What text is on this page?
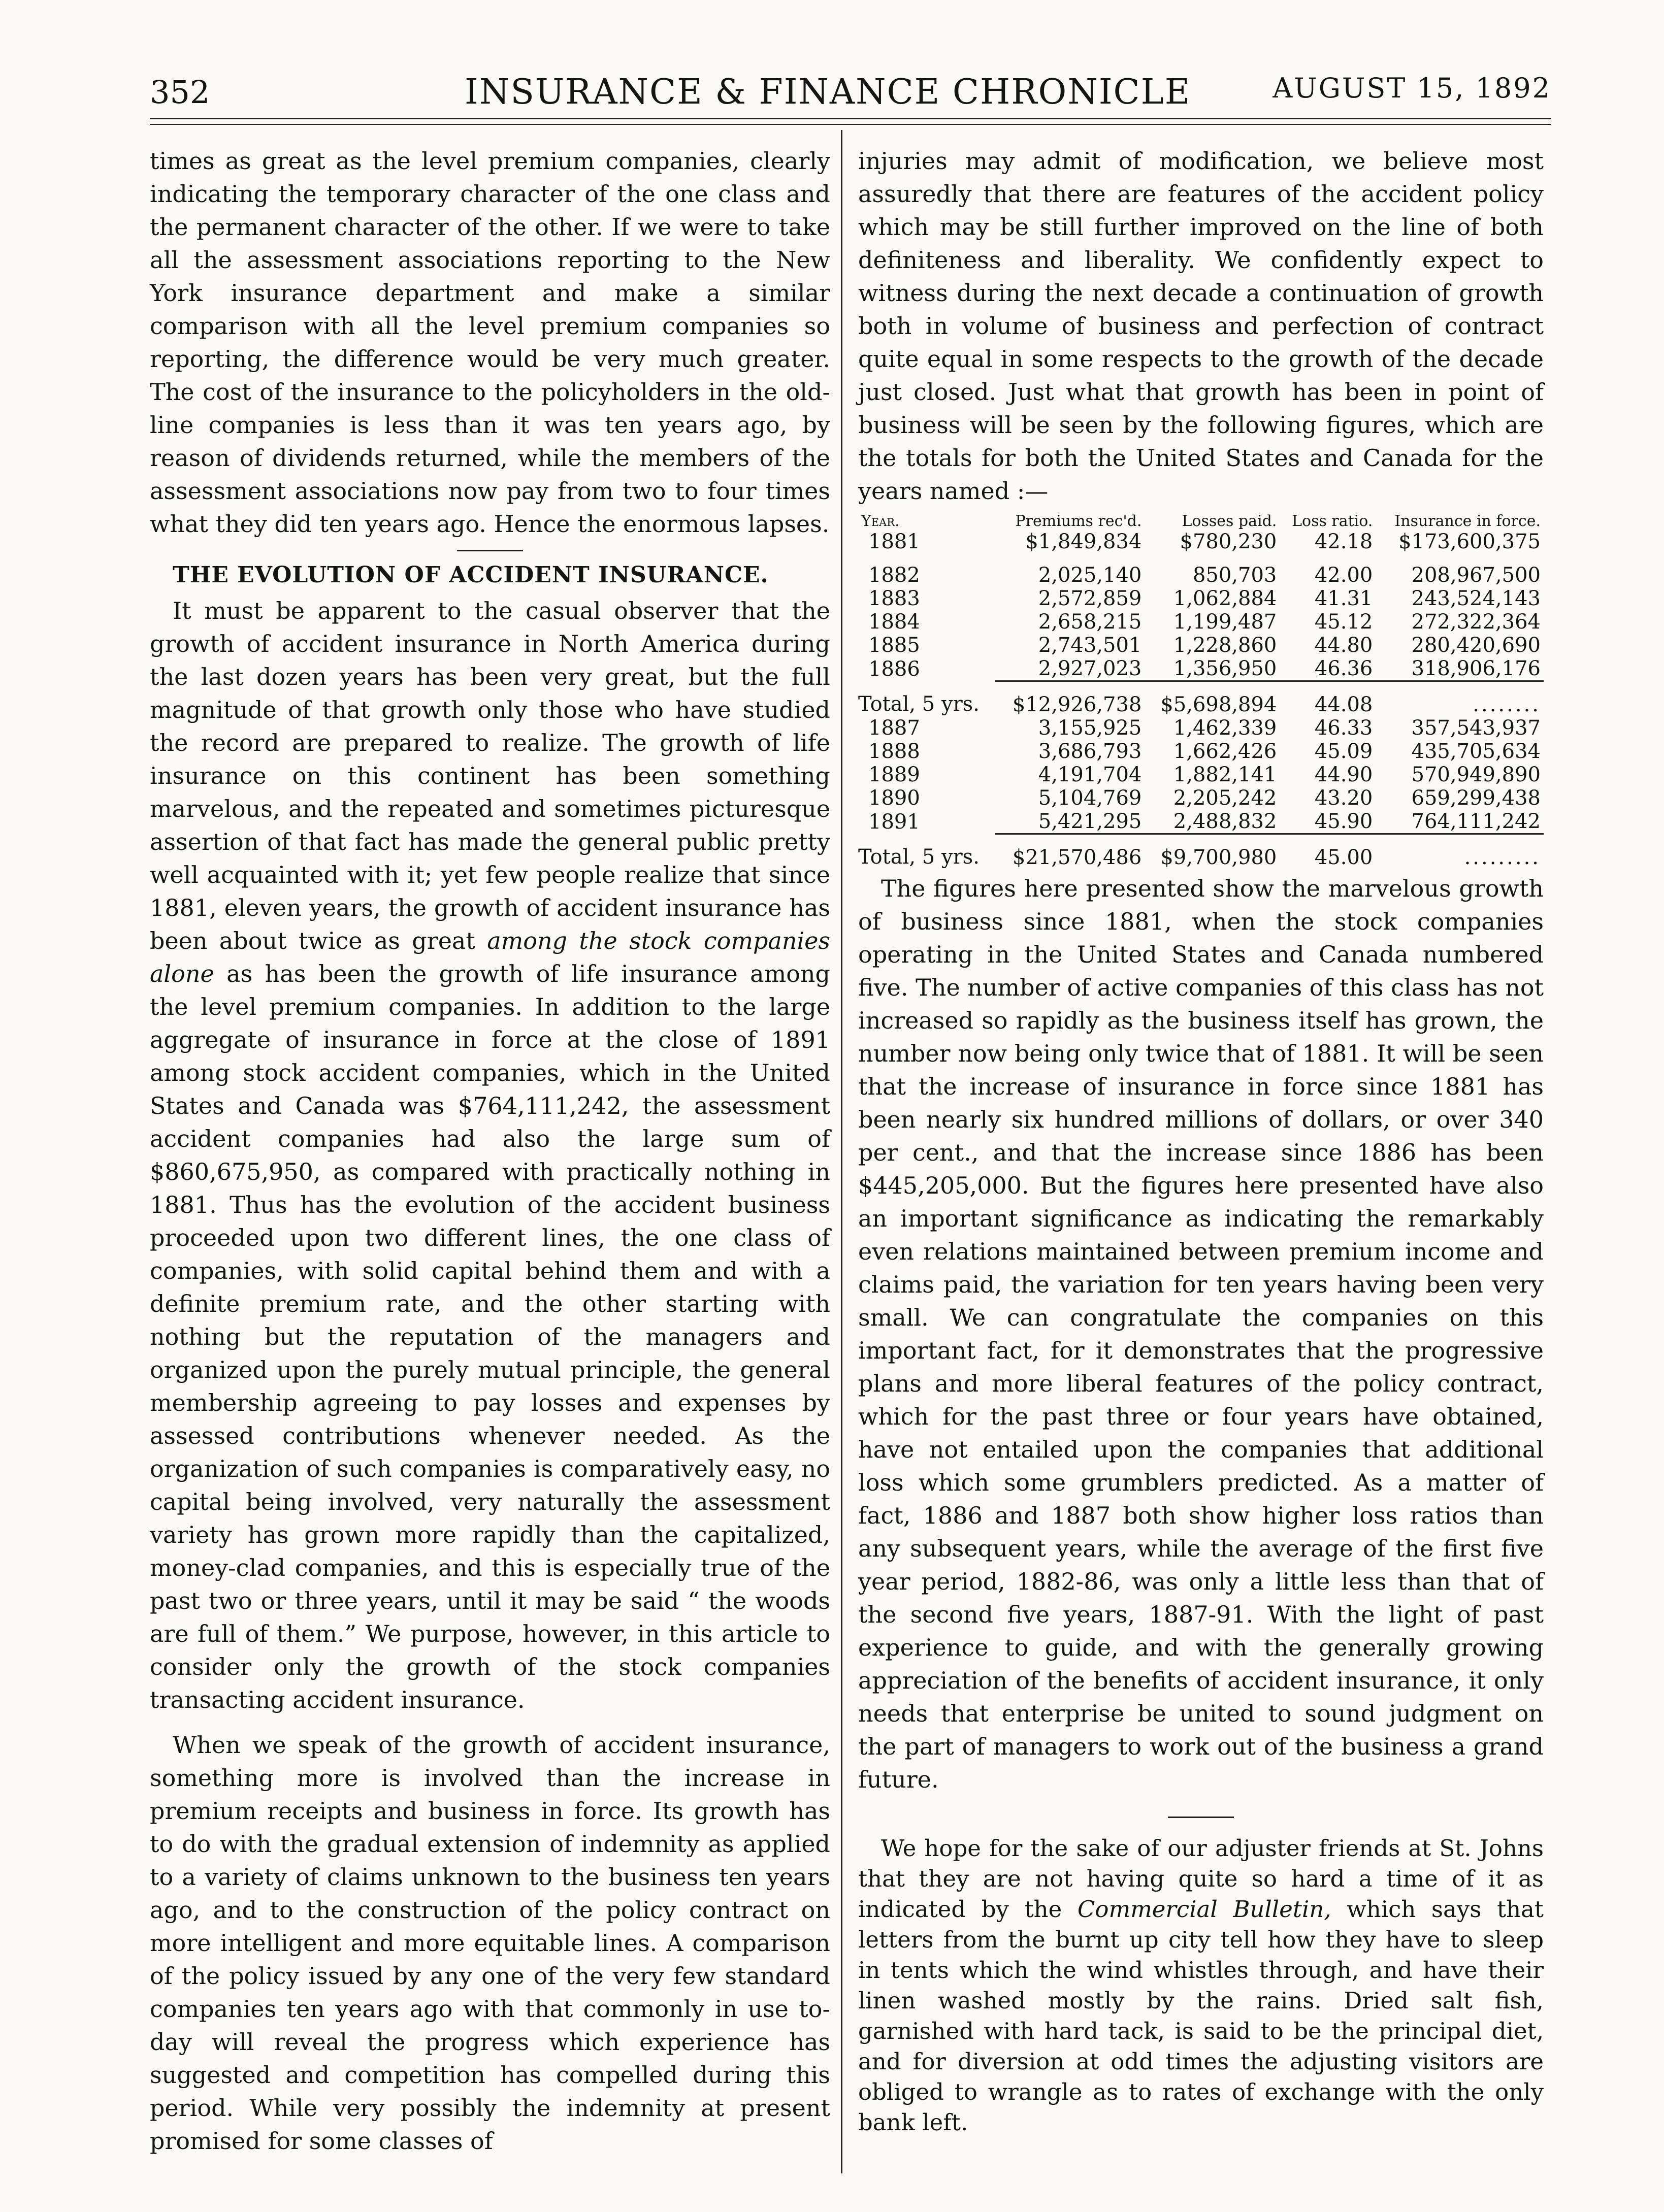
352	INSURANCE & FINANCE CHRONICLE	AUGUST 15, 1892

times as great as the level premium companies, clearly indicating the temporary character of the one class and the permanent character of the other. If we were to take all the assessment associations reporting to the New York insurance department and make a similar comparison with all the level premium companies so reporting, the difference would be very much greater. The cost of the insurance to the policyholders in the old-line companies is less than it was ten years ago, by reason of dividends returned, while the members of the assessment associations now pay from two to four times what they did ten years ago. Hence the enormous lapses.

THE EVOLUTION OF ACCIDENT INSURANCE.

It must be apparent to the casual observer that the growth of accident insurance in North America during the last dozen years has been very great, but the full magnitude of that growth only those who have studied the record are prepared to realize. The growth of life insurance on this continent has been something marvelous, and the repeated and sometimes picturesque assertion of that fact has made the general public pretty well acquainted with it; yet few people realize that since 1881, eleven years, the growth of accident insurance has been about twice as great among the stock companies alone as has been the growth of life insurance among the level premium companies. In addition to the large aggregate of insurance in force at the close of 1891 among stock accident companies, which in the United States and Canada was $764,111,242, the assessment accident companies had also the large sum of $860,675,950, as compared with practically nothing in 1881. Thus has the evolution of the accident business proceeded upon two different lines, the one class of companies, with solid capital behind them and with a definite premium rate, and the other starting with nothing but the reputation of the managers and organized upon the purely mutual principle, the general membership agreeing to pay losses and expenses by assessed contributions whenever needed. As the organization of such companies is comparatively easy, no capital being involved, very naturally the assessment variety has grown more rapidly than the capitalized, money-clad companies, and this is especially true of the past two or three years, until it may be said “ the woods are full of them.” We purpose, however, in this article to consider only the growth of the stock companies transacting accident insurance.

When we speak of the growth of accident insurance, something more is involved than the increase in premium receipts and business in force. Its growth has to do with the gradual extension of indemnity as applied to a variety of claims unknown to the business ten years ago, and to the construction of the policy contract on more intelligent and more equitable lines. A comparison of the policy issued by any one of the very few standard companies ten years ago with that commonly in use to-day will reveal the progress which experience has suggested and competition has compelled during this period. While very possibly the indemnity at present promised for some classes of

injuries may admit of modification, we believe most assuredly that there are features of the accident policy which may be still further improved on the line of both definiteness and liberality. We confidently expect to witness during the next decade a continuation of growth both in volume of business and perfection of contract quite equal in some respects to the growth of the decade just closed. Just what that growth has been in point of business will be seen by the following figures, which are the totals for both the United States and Canada for the years named :—

Year.	Premiums rec'd.	Losses paid.	Loss ratio.	Insurance in force.
1881	$1,849,834	$780,230	42.18	$173,600,375

1882	2,025,140	850,703	42.00	208,967,500
1883	2,572,859	1,062,884	41.31	243,524,143
1884	2,658,215	1,199,487	45.12	272,322,364
1885	2,743,501	1,228,860	44.80	280,420,690
1886	2,927,023	1,356,950	46.36	318,906,176
Total, 5 yrs.	$12,926,738	$5,698,894	44.08	........
1887	3,155,925	1,462,339	46.33	357,543,937
1888	3,686,793	1,662,426	45.09	435,705,634
1889	4,191,704	1,882,141	44.90	570,949,890
1890	5,104,769	2,205,242	43.20	659,299,438
1891	5,421,295	2,488,832	45.90	764,111,242
Total, 5 yrs.	$21,570,486	$9,700,980	45.00	.........

The figures here presented show the marvelous growth of business since 1881, when the stock companies operating in the United States and Canada numbered five. The number of active companies of this class has not increased so rapidly as the business itself has grown, the number now being only twice that of 1881. It will be seen that the increase of insurance in force since 1881 has been nearly six hundred millions of dollars, or over 340 per cent., and that the increase since 1886 has been $445,205,000. But the figures here presented have also an important significance as indicating the remarkably even relations maintained between premium income and claims paid, the variation for ten years having been very small. We can congratulate the companies on this important fact, for it demonstrates that the progressive plans and more liberal features of the policy contract, which for the past three or four years have obtained, have not entailed upon the companies that additional loss which some grumblers predicted. As a matter of fact, 1886 and 1887 both show higher loss ratios than any subsequent years, while the average of the first five year period, 1882-86, was only a little less than that of the second five years, 1887-91. With the light of past experience to guide, and with the generally growing appreciation of the benefits of accident insurance, it only needs that enterprise be united to sound judgment on the part of managers to work out of the business a grand future.

We hope for the sake of our adjuster friends at St. Johns that they are not having quite so hard a time of it as indicated by the Commercial Bulletin, which says that letters from the burnt up city tell how they have to sleep in tents which the wind whistles through, and have their linen washed mostly by the rains. Dried salt fish, garnished with hard tack, is said to be the principal diet, and for diversion at odd times the adjusting visitors are obliged to wrangle as to rates of exchange with the only bank left.
